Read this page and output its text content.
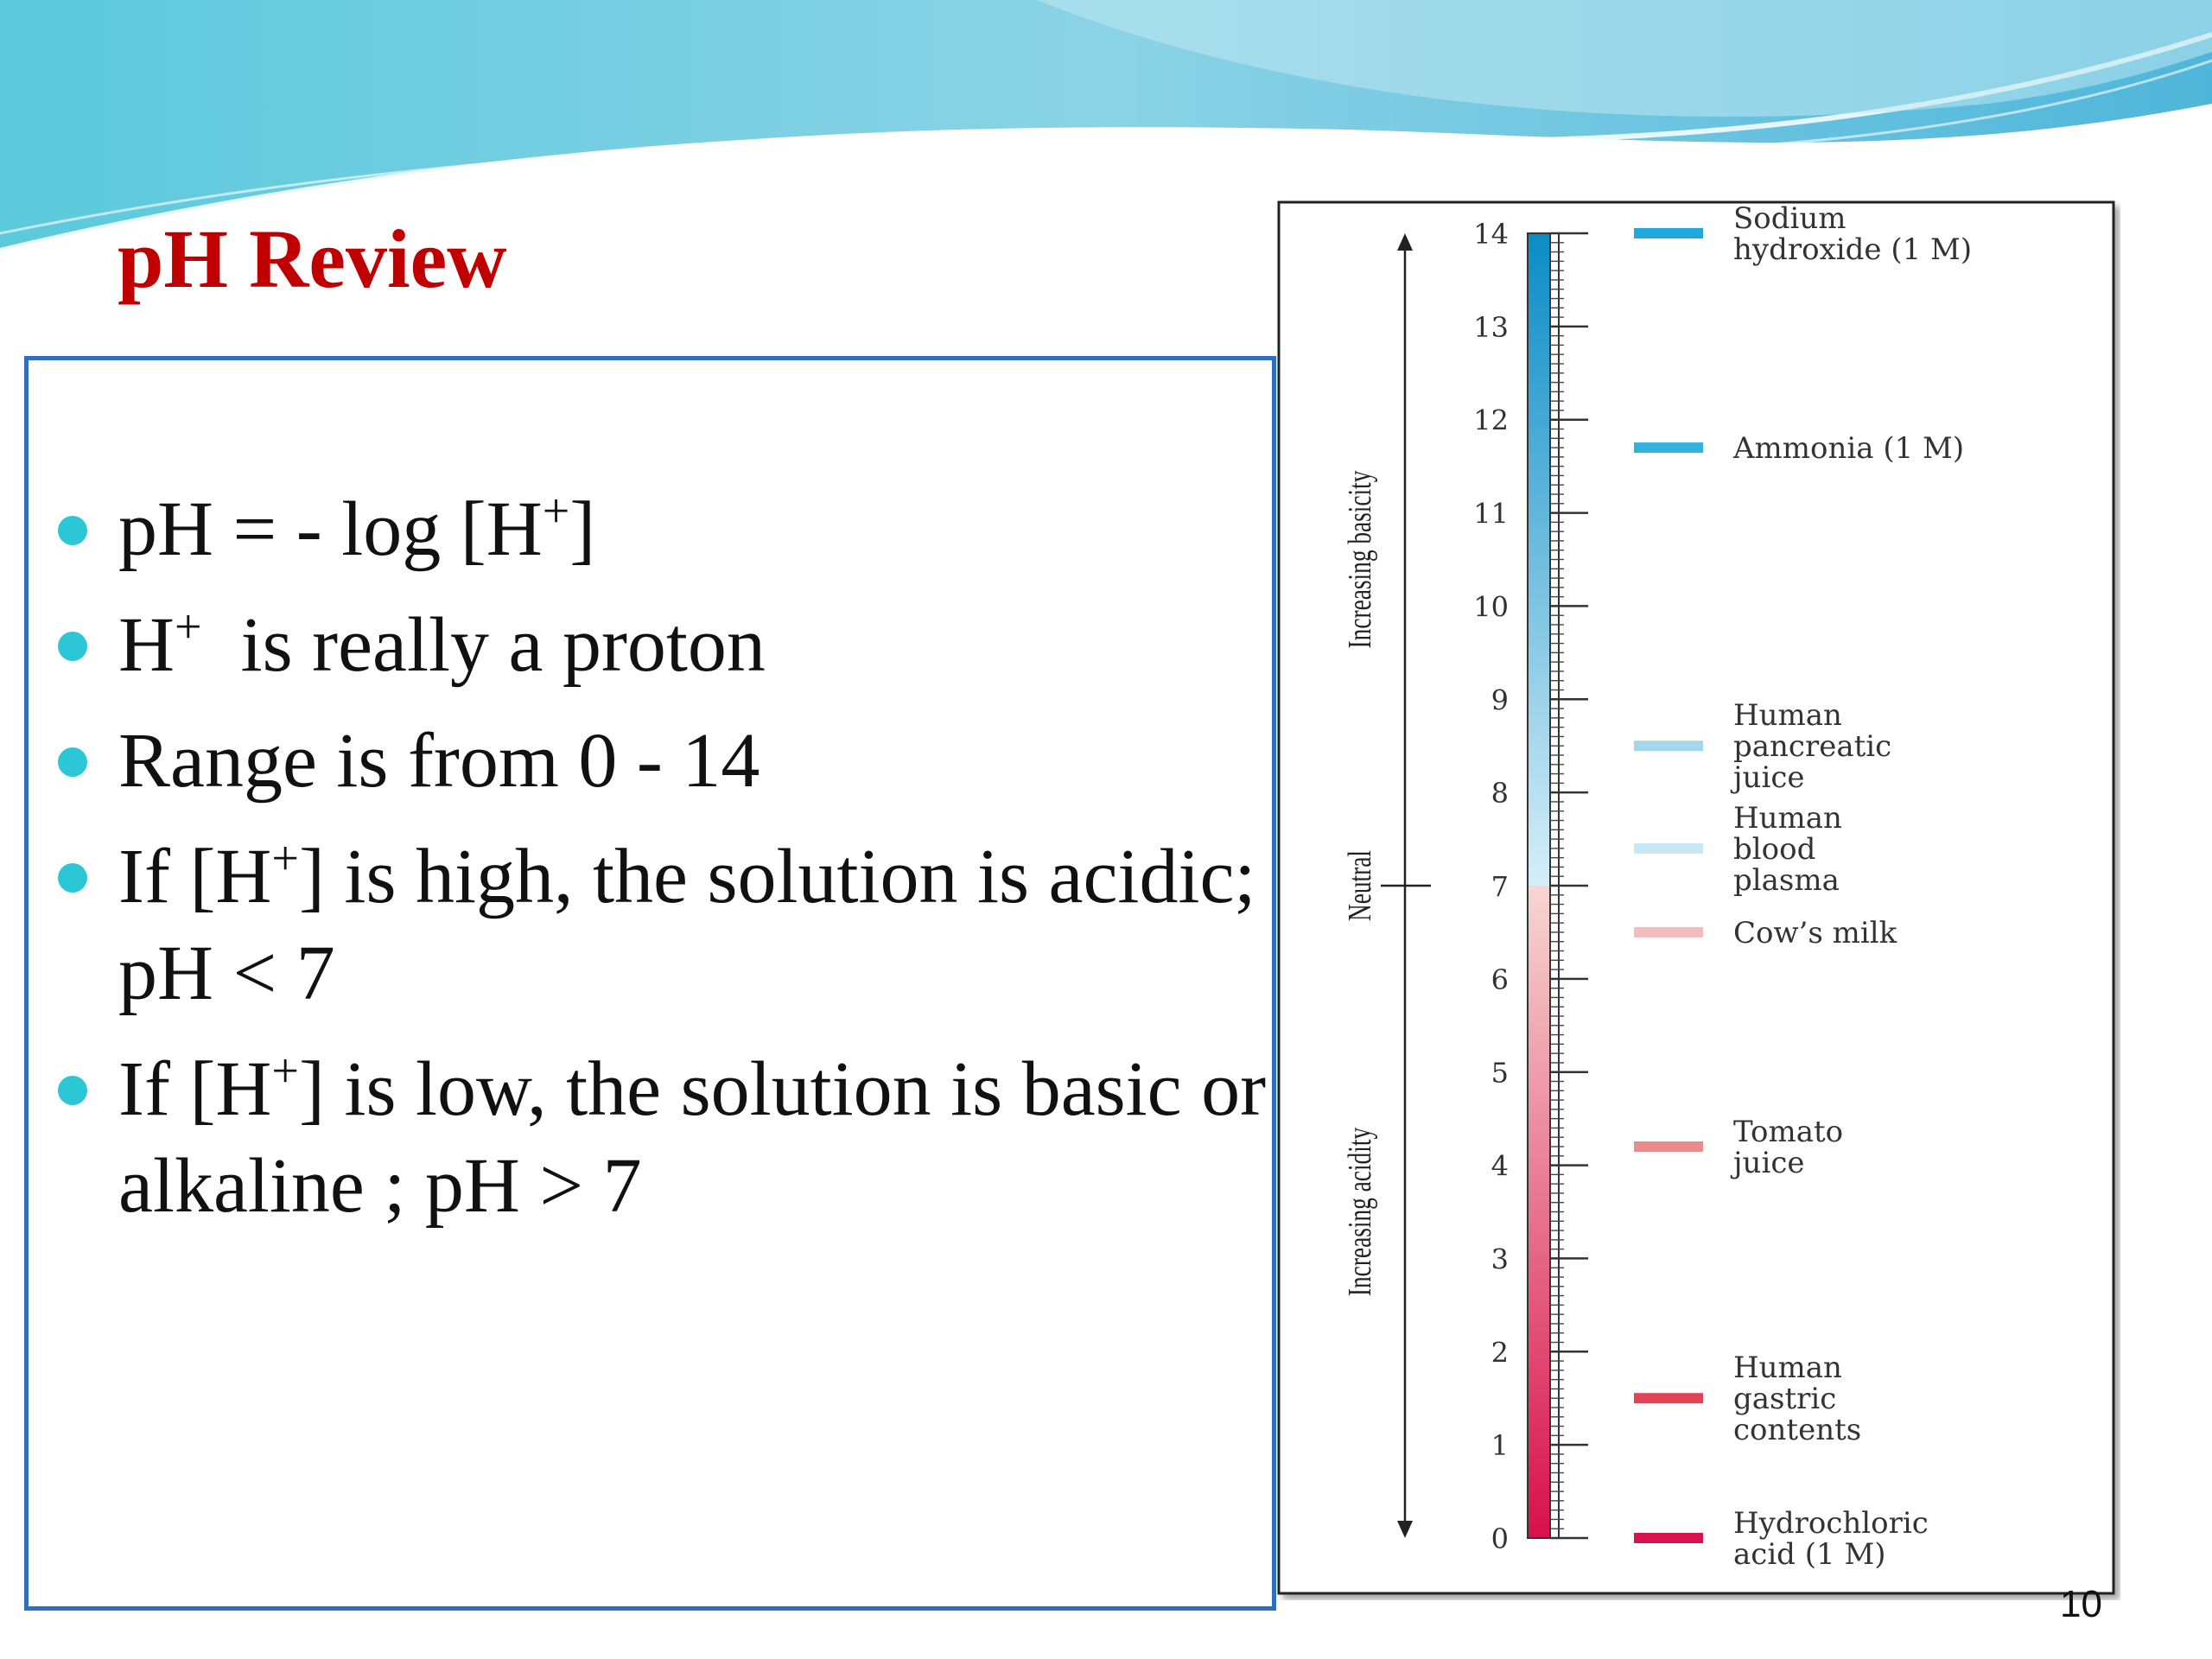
pH Review
pH = - log [H+]
H+  is really a proton
Range is from 0 - 14
If [H+] is high, the solution is acidic; pH < 7
If [H+] is low, the solution is basic or alkaline ; pH > 7
0
1
2
3
4
5
6
7
8
9
10
11
12
13
14
Increasing basicity
Neutral
Increasing acidity
Sodium hydroxide (1 M)
Ammonia (1 M)
Human pancreatic juice
Human blood plasma
Cow’s milk
Tomato juice
Human gastric contents
Hydrochloric acid (1 M)
10
